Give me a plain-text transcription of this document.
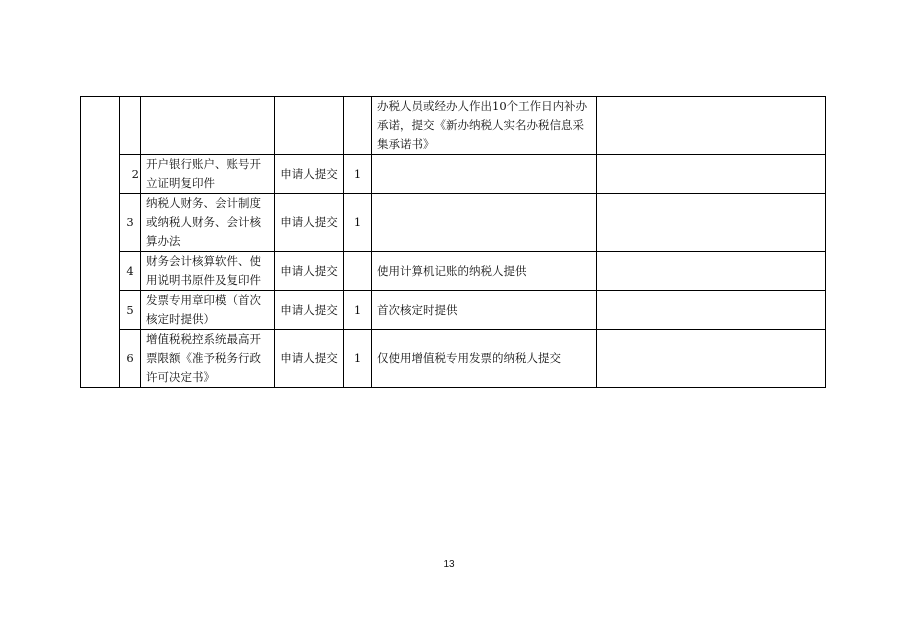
					办税人员或经办人作出10个工作日内补办承诺，提交《新办纳税人实名办税信息采集承诺书》	
	2	开户银行账户、账号开立证明复印件	申请人提交	1		
	3	纳税人财务、会计制度或纳税人财务、会计核算办法	申请人提交	1		
	4	财务会计核算软件、使用说明书原件及复印件	申请人提交		使用计算机记账的纳税人提供	
	5	发票专用章印模（首次核定时提供）	申请人提交	1	首次核定时提供	
	6	增值税税控系统最高开票限额《准予税务行政许可决定书》	申请人提交	1	仅使用增值税专用发票的纳税人提交	
13
